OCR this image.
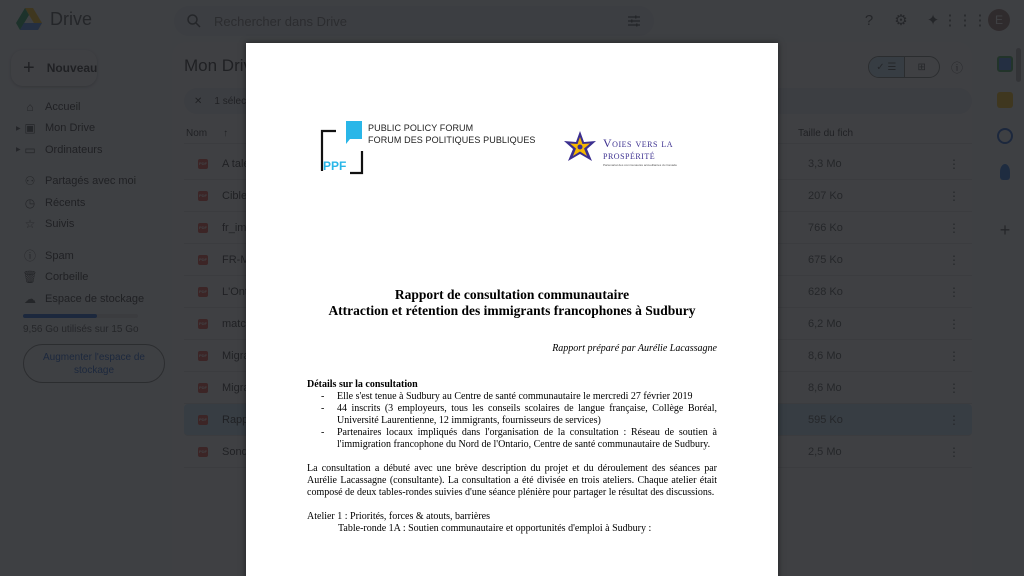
Rechercher dans Drive
PPF
PUBLIC POLICY FORUM
FORUM DES POLITIQUES PUBLIQUES	Voies vers la
prospérité
Partenariat des communautés accueillantes du Canada
Rapport de consultation communautaire
Attraction et rétention des immigrants francophones à Sudbury
Rapport préparé par Aurélie Lacassagne
Détails sur la consultation
- Elle s'est tenue à Sudbury au Centre de santé communautaire le mercredi 27 février 2019
- 44 inscrits (3 employeurs, tous les conseils scolaires de langue française, Collège Boréal, Université Laurentienne, 12 immigrants, fournisseurs de services)
- Partenaires locaux impliqués dans l'organisation de la consultation : Réseau de soutien à l'immigration francophone du Nord de l'Ontario, Centre de santé communautaire de Sudbury.

La consultation a débuté avec une brève description du projet et du déroulement des séances par Aurélie Lacassagne (consultante). La consultation a été divisée en trois ateliers. Chaque atelier était composé de deux tables-rondes suivies d'une séance plénière pour partager le résultat des discussions.

Atelier 1 : Priorités, forces & atouts, barrières
Table-ronde 1A : Soutien communautaire et opportunités d'emploi à Sudbury :
